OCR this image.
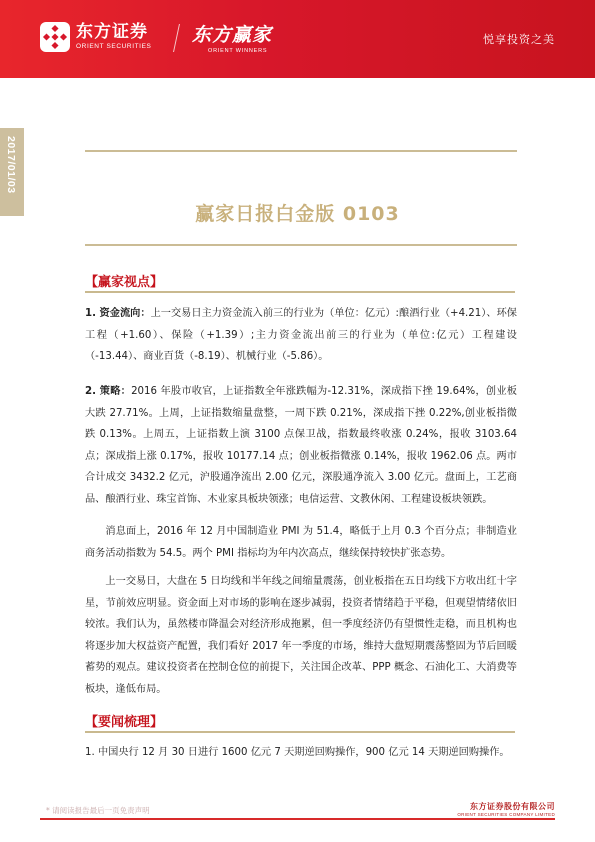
东方证券
ORIENT SECURITIES
东方赢家
ORIENT WINNERS
悦享投资之美
2017/01/03
赢家日报白金版 0103
【赢家视点】
1. 资金流向：上一交易日主力资金流入前三的行业为（单位：亿元）:酿酒行业（+4.21）、环保工程（+1.60）、保险（+1.39）;主力资金流出前三的行业为（单位:亿元）工程建设（-13.44）、商业百货（-8.19）、机械行业（-5.86）。
2. 策略：2016 年股市收官，上证指数全年涨跌幅为-12.31%，深成指下挫 19.64%，创业板大跌 27.71%。上周，上证指数缩量盘整，一周下跌 0.21%，深成指下挫 0.22%,创业板指微跌 0.13%。上周五，上证指数上演 3100 点保卫战，指数最终收涨 0.24%，报收 3103.64 点；深成指上涨 0.17%，报收 10177.14 点；创业板指微涨 0.14%，报收 1962.06 点。两市合计成交 3432.2 亿元，沪股通净流出 2.00 亿元，深股通净流入 3.00 亿元。盘面上，工艺商品、酿酒行业、珠宝首饰、木业家具板块领涨；电信运营、文教休闲、工程建设板块领跌。
消息面上，2016 年 12 月中国制造业 PMI 为 51.4，略低于上月 0.3 个百分点；非制造业商务活动指数为 54.5。两个 PMI 指标均为年内次高点，继续保持较快扩张态势。
上一交易日，大盘在 5 日均线和半年线之间缩量震荡，创业板指在五日均线下方收出红十字星，节前效应明显。资金面上对市场的影响在逐步减弱，投资者情绪趋于平稳，但观望情绪依旧较浓。我们认为，虽然楼市降温会对经济形成拖累，但一季度经济仍有望惯性走稳，而且机构也将逐步加大权益资产配置，我们看好 2017 年一季度的市场，维持大盘短期震荡整固为节后回暖蓄势的观点。建议投资者在控制仓位的前提下，关注国企改革、PPP 概念、石油化工、大消费等板块，逢低布局。
【要闻梳理】
1. 中国央行 12 月 30 日进行 1600 亿元 7 天期逆回购操作，900 亿元 14 天期逆回购操作。
* 请阅读报告最后一页免责声明	东方证券股份有限公司
ORIENT SECURITIES COMPANY LIMITED
